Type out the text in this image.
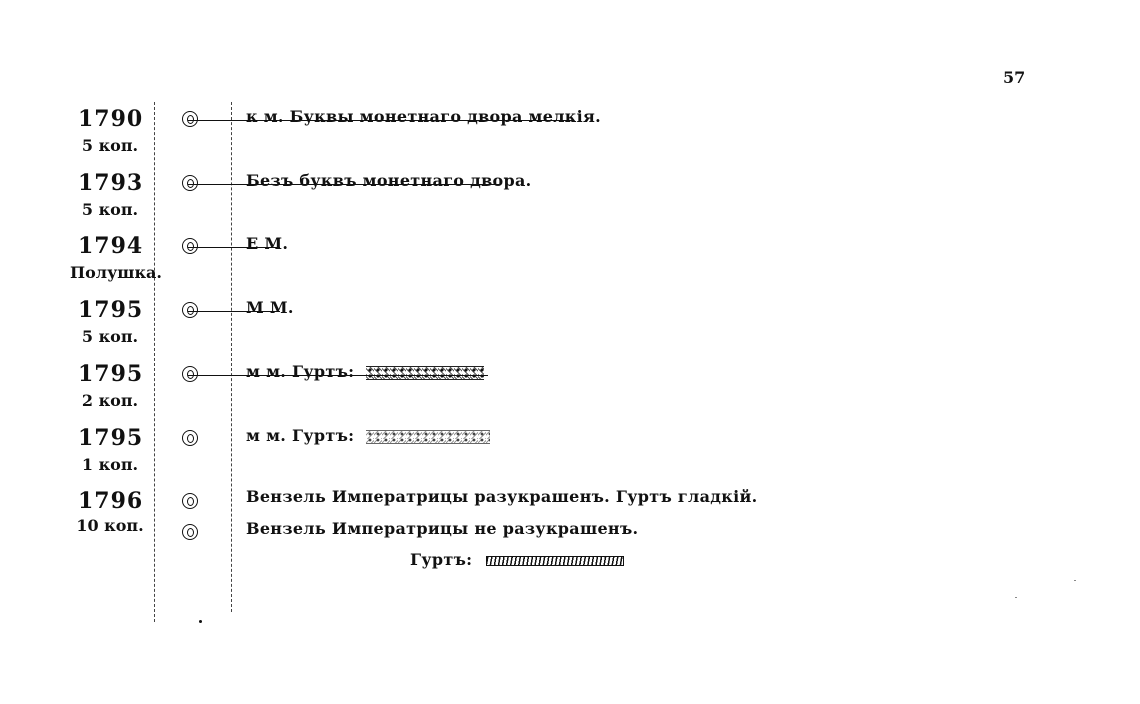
57
1790
5 коп.
к м. Буквы монетнаго двора мелкія.
1793
5 коп.
Безъ буквъ монетнаго двора.
1794
Полушка.
Е М.
1795
5 коп.
М М.
1795
2 коп.
м м. Гуртъ:
1795
1 коп.
м м. Гуртъ:
1796
10 коп.
Вензель Императрицы разукрашенъ. Гуртъ гладкій.
Вензель Императрицы не разукрашенъ.
Гуртъ:
